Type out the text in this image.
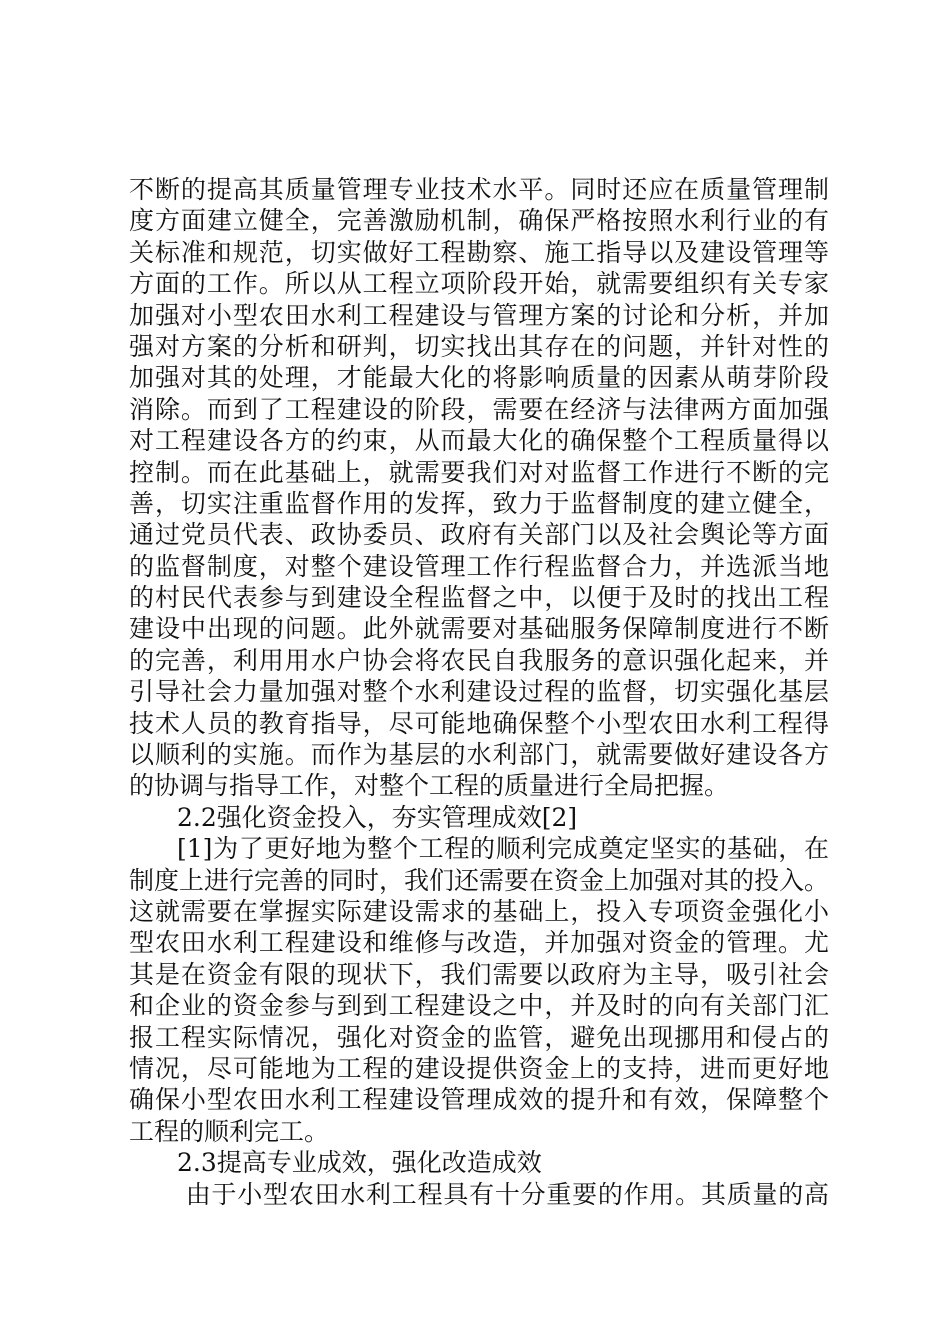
不断的提高其质量管理专业技术水平。同时还应在质量管理制
度方面建立健全，完善激励机制，确保严格按照水利行业的有
关标准和规范，切实做好工程勘察、施工指导以及建设管理等
方面的工作。所以从工程立项阶段开始，就需要组织有关专家
加强对小型农田水利工程建设与管理方案的讨论和分析，并加
强对方案的分析和研判，切实找出其存在的问题，并针对性的
加强对其的处理，才能最大化的将影响质量的因素从萌芽阶段
消除。而到了工程建设的阶段，需要在经济与法律两方面加强
对工程建设各方的约束，从而最大化的确保整个工程质量得以
控制。而在此基础上，就需要我们对对监督工作进行不断的完
善，切实注重监督作用的发挥，致力于监督制度的建立健全，
通过党员代表、政协委员、政府有关部门以及社会舆论等方面
的监督制度，对整个建设管理工作行程监督合力，并选派当地
的村民代表参与到建设全程监督之中，以便于及时的找出工程
建设中出现的问题。此外就需要对基础服务保障制度进行不断
的完善，利用用水户协会将农民自我服务的意识强化起来，并
引导社会力量加强对整个水利建设过程的监督，切实强化基层
技术人员的教育指导，尽可能地确保整个小型农田水利工程得
以顺利的实施。而作为基层的水利部门，就需要做好建设各方
的协调与指导工作，对整个工程的质量进行全局把握。
2.2强化资金投入，夯实管理成效[2]
[1]为了更好地为整个工程的顺利完成奠定坚实的基础，在
制度上进行完善的同时，我们还需要在资金上加强对其的投入。
这就需要在掌握实际建设需求的基础上，投入专项资金强化小
型农田水利工程建设和维修与改造，并加强对资金的管理。尤
其是在资金有限的现状下，我们需要以政府为主导，吸引社会
和企业的资金参与到到工程建设之中，并及时的向有关部门汇
报工程实际情况，强化对资金的监管，避免出现挪用和侵占的
情况，尽可能地为工程的建设提供资金上的支持，进而更好地
确保小型农田水利工程建设管理成效的提升和有效，保障整个
工程的顺利完工。
2.3提高专业成效，强化改造成效
由于小型农田水利工程具有十分重要的作用。其质量的高
